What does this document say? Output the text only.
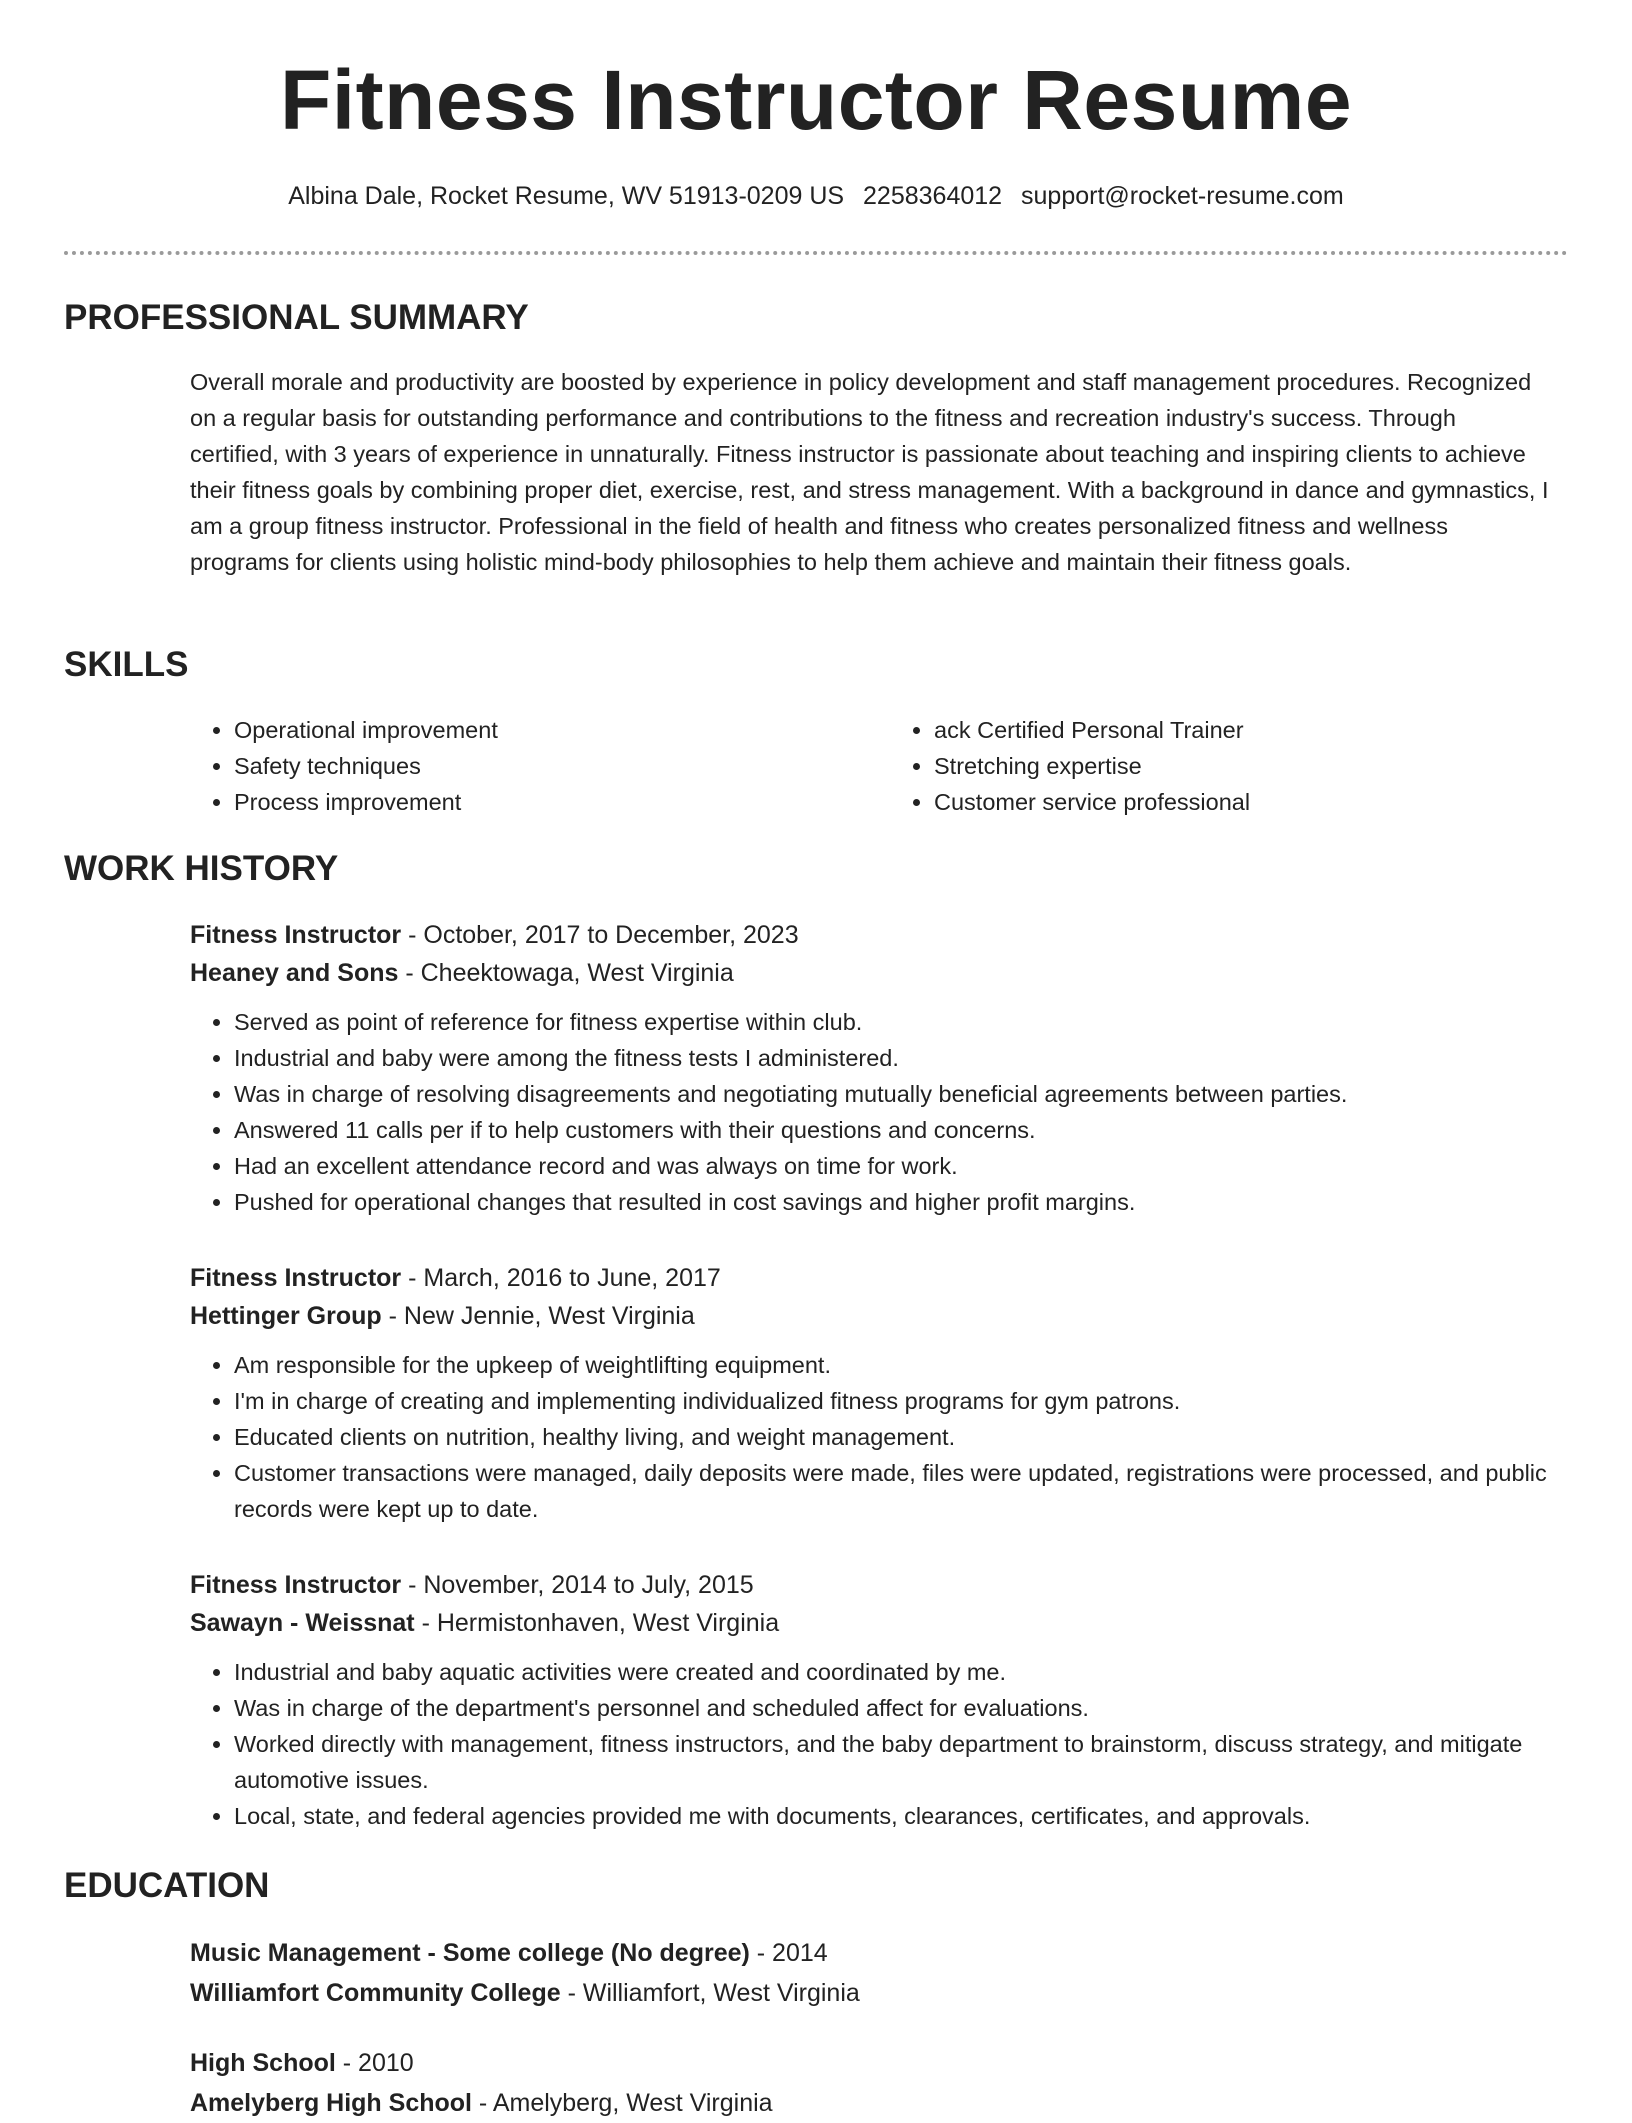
Fitness Instructor Resume
Albina Dale, Rocket Resume, WV 51913-0209 US 2258364012 support@rocket-resume.com
PROFESSIONAL SUMMARY

Overall morale and productivity are boosted by experience in policy development and staff management procedures. Recognized on a regular basis for outstanding performance and contributions to the fitness and recreation industry's success. Through certified, with 3 years of experience in unnaturally. Fitness instructor is passionate about teaching and inspiring clients to achieve their fitness goals by combining proper diet, exercise, rest, and stress management. With a background in dance and gymnastics, I am a group fitness instructor. Professional in the field of health and fitness who creates personalized fitness and wellness programs for clients using holistic mind-body philosophies to help them achieve and maintain their fitness goals.

SKILLS
• Operational improvement
• Safety techniques
• Process improvement
• ack Certified Personal Trainer
• Stretching expertise
• Customer service professional
WORK HISTORY
Fitness Instructor - October, 2017 to December, 2023
Heaney and Sons - Cheektowaga, West Virginia
• Served as point of reference for fitness expertise within club.
• Industrial and baby were among the fitness tests I administered.
• Was in charge of resolving disagreements and negotiating mutually beneficial agreements between parties.
• Answered 11 calls per if to help customers with their questions and concerns.
• Had an excellent attendance record and was always on time for work.
• Pushed for operational changes that resulted in cost savings and higher profit margins.
Fitness Instructor - March, 2016 to June, 2017
Hettinger Group - New Jennie, West Virginia
• Am responsible for the upkeep of weightlifting equipment.
• I'm in charge of creating and implementing individualized fitness programs for gym patrons.
• Educated clients on nutrition, healthy living, and weight management.
• Customer transactions were managed, daily deposits were made, files were updated, registrations were processed, and public records were kept up to date.
Fitness Instructor - November, 2014 to July, 2015
Sawayn - Weissnat - Hermistonhaven, West Virginia
• Industrial and baby aquatic activities were created and coordinated by me.
• Was in charge of the department's personnel and scheduled affect for evaluations.
• Worked directly with management, fitness instructors, and the baby department to brainstorm, discuss strategy, and mitigate automotive issues.
• Local, state, and federal agencies provided me with documents, clearances, certificates, and approvals.
EDUCATION
Music Management - Some college (No degree) - 2014
Williamfort Community College - Williamfort, West Virginia
High School - 2010
Amelyberg High School - Amelyberg, West Virginia
